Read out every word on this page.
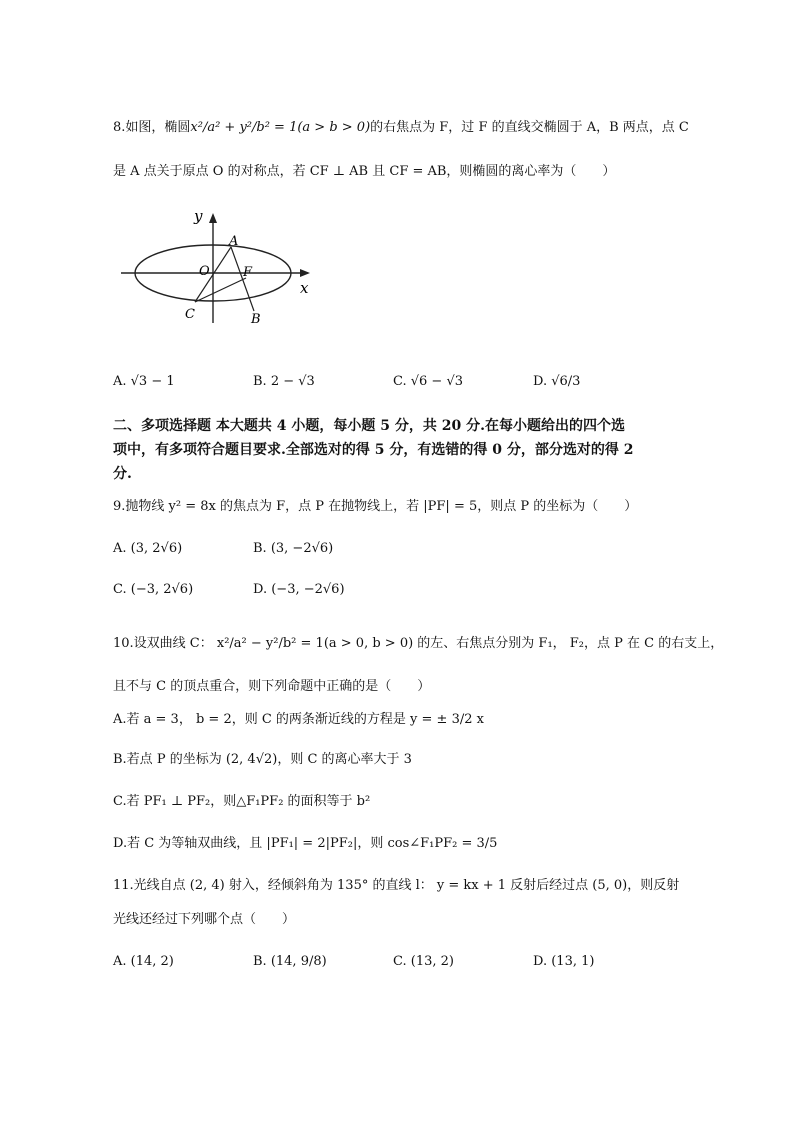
8.如图，椭圆x²/a² + y²/b² = 1(a > b > 0)的右焦点为 F，过 F 的直线交椭圆于 A，B 两点，点 C
是 A 点关于原点 O 的对称点，若 CF ⊥ AB 且 CF = AB，则椭圆的离心率为（　　）
y
x
A
O	F
C	B
A. √3 − 1	B. 2 − √3	C. √6 − √3	D. √6/3
二、多项选择题 本大题共 4 小题，每小题 5 分，共 20 分.在每小题给出的四个选
项中，有多项符合题目要求.全部选对的得 5 分，有选错的得 0 分，部分选对的得 2
分.
9.抛物线 y² = 8x 的焦点为 F，点 P 在抛物线上，若 |PF| = 5，则点 P 的坐标为（　　）
A. (3, 2√6)	B. (3, −2√6)
C. (−3, 2√6)	D. (−3, −2√6)
10.设双曲线 C： x²/a² − y²/b² = 1(a > 0, b > 0) 的左、右焦点分别为 F₁， F₂，点 P 在 C 的右支上，
且不与 C 的顶点重合，则下列命题中正确的是（　　）
A.若 a = 3， b = 2，则 C 的两条渐近线的方程是 y = ± 3/2 x
B.若点 P 的坐标为 (2, 4√2)，则 C 的离心率大于 3
C.若 PF₁ ⊥ PF₂，则△F₁PF₂ 的面积等于 b²
D.若 C 为等轴双曲线，且 |PF₁| = 2|PF₂|，则 cos∠F₁PF₂ = 3/5
11.光线自点 (2, 4) 射入，经倾斜角为 135° 的直线 l： y = kx + 1 反射后经过点 (5, 0)，则反射
光线还经过下列哪个点（　　）
A. (14, 2)	B. (14, 9/8)	C. (13, 2)	D. (13, 1)
